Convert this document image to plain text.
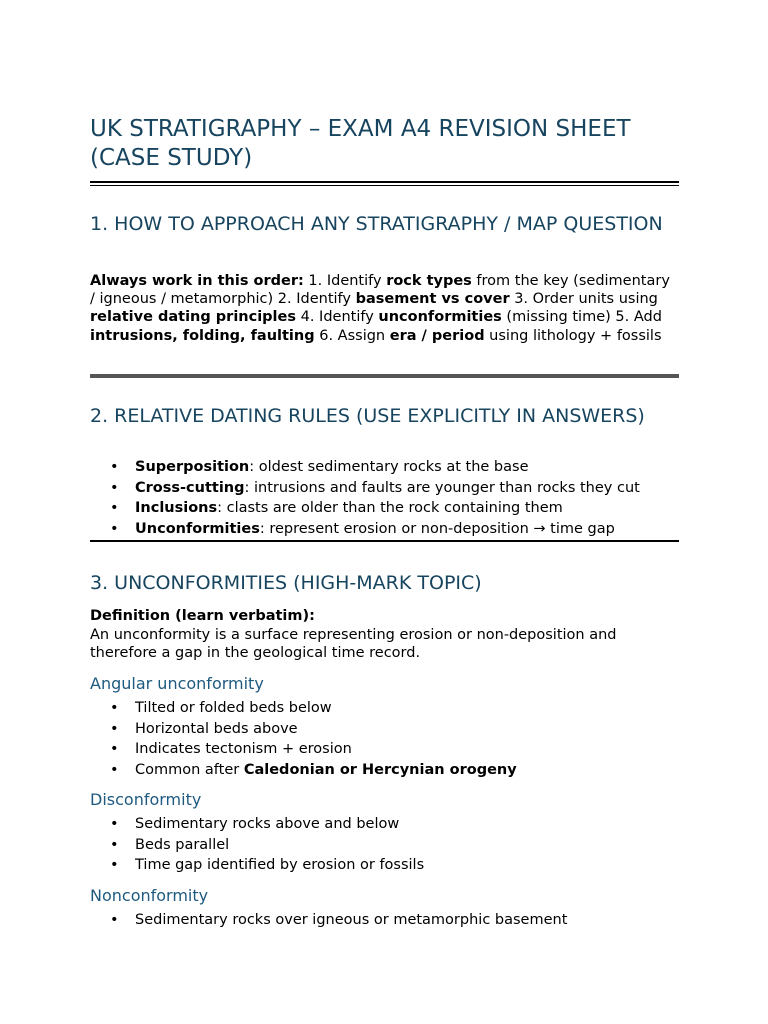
UK STRATIGRAPHY – EXAM A4 REVISION SHEET (CASE STUDY)
1. HOW TO APPROACH ANY STRATIGRAPHY / MAP QUESTION

Always work in this order: 1. Identify rock types from the key (sedimentary / igneous / metamorphic) 2. Identify basement vs cover 3. Order units using relative dating principles 4. Identify unconformities (missing time) 5. Add intrusions, folding, faulting 6. Assign era / period using lithology + fossils

2. RELATIVE DATING RULES (USE EXPLICITLY IN ANSWERS)
• Superposition: oldest sedimentary rocks at the base
• Cross-cutting: intrusions and faults are younger than rocks they cut
• Inclusions: clasts are older than the rock containing them
• Unconformities: represent erosion or non-deposition → time gap
3. UNCONFORMITIES (HIGH-MARK TOPIC)

Definition (learn verbatim):

An unconformity is a surface representing erosion or non-deposition and therefore a gap in the geological time record.

Angular unconformity
• Tilted or folded beds below
• Horizontal beds above
• Indicates tectonism + erosion
• Common after Caledonian or Hercynian orogeny
Disconformity
• Sedimentary rocks above and below
• Beds parallel
• Time gap identified by erosion or fossils
Nonconformity
• Sedimentary rocks over igneous or metamorphic basement
